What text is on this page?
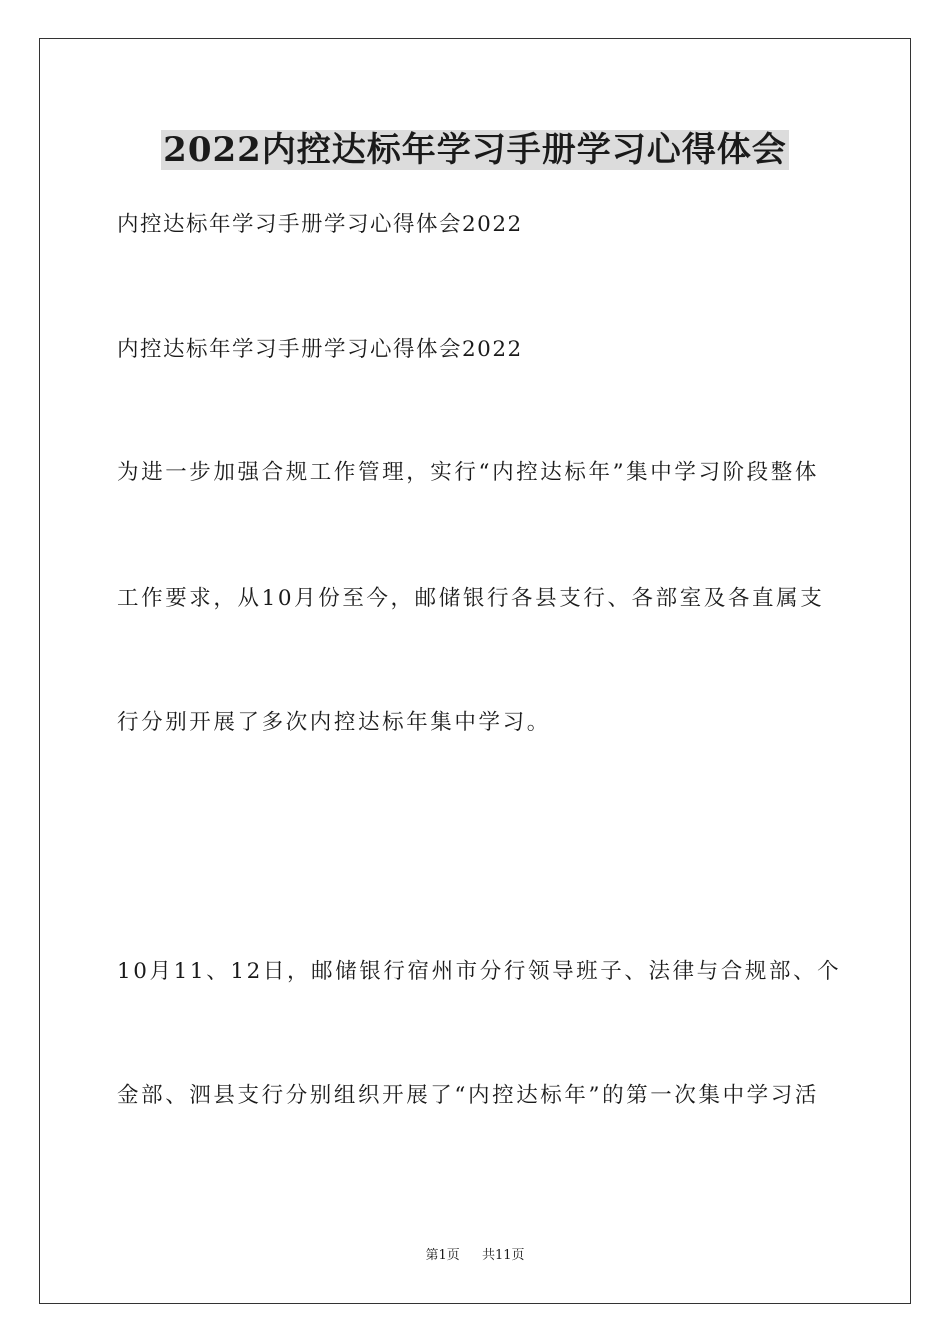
2022内控达标年学习手册学习心得体会
内控达标年学习手册学习心得体会2022
内控达标年学习手册学习心得体会2022
为进一步加强合规工作管理，实行“内控达标年”集中学习阶段整体
工作要求，从10月份至今，邮储银行各县支行、各部室及各直属支
行分别开展了多次内控达标年集中学习。
10月11、12日，邮储银行宿州市分行领导班子、法律与合规部、个
金部、泗县支行分别组织开展了“内控达标年”的第一次集中学习活
第1页 共11页
